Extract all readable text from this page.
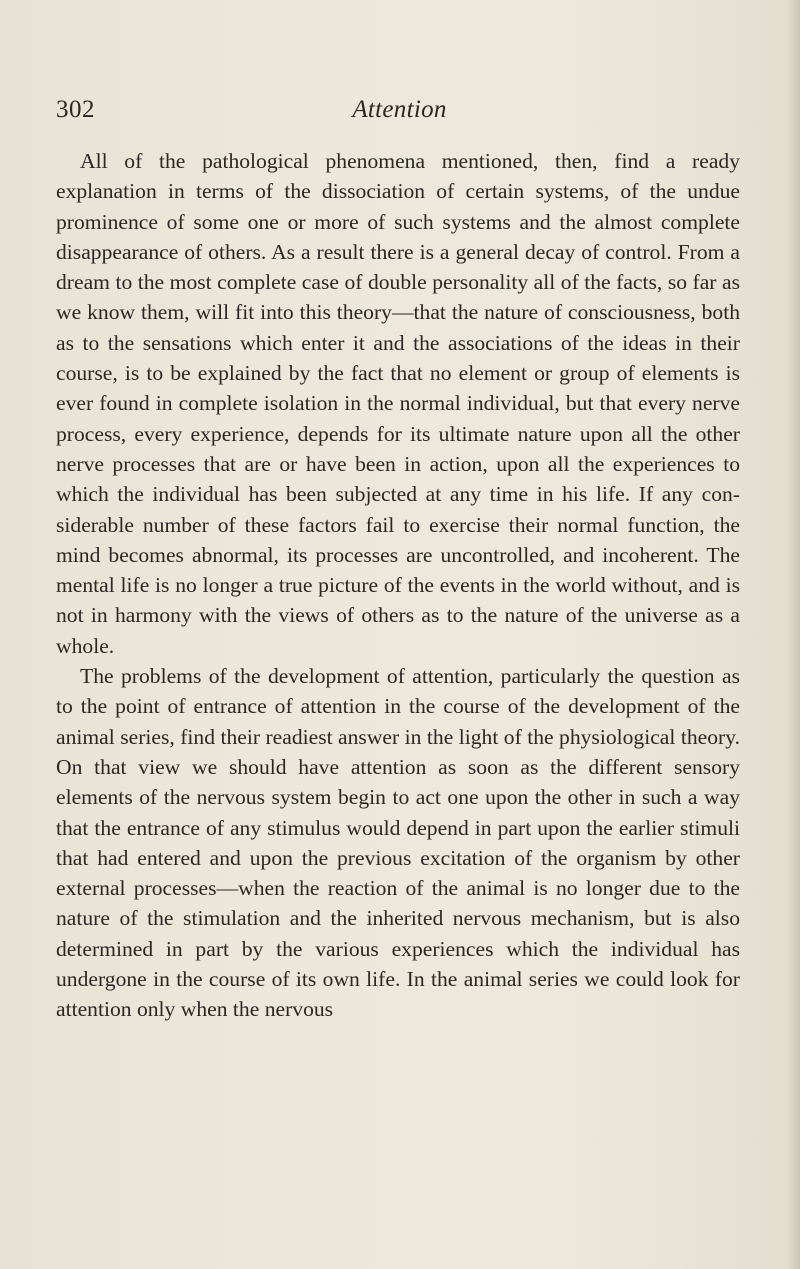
302	Attention

All of the pathological phenomena mentioned, then, find a ready explanation in terms of the dissociation of certain systems, of the undue prominence of some one or more of such systems and the almost complete disappearance of others. As a result there is a general decay of control. From a dream to the most complete case of double personality all of the facts, so far as we know them, will fit into this theory—that the nature of consciousness, both as to the sensations which enter it and the associations of the ideas in their course, is to be explained by the fact that no element or group of elements is ever found in complete isolation in the normal individual, but that every nerve process, every experience, depends for its ultimate nature upon all the other nerve processes that are or have been in action, upon all the experiences to which the individual has been subjected at any time in his life. If any considerable number of these factors fail to exercise their normal function, the mind becomes abnormal, its processes are uncontrolled, and incoherent. The mental life is no longer a true picture of the events in the world without, and is not in harmony with the views of others as to the nature of the universe as a whole.

The problems of the development of attention, particularly the question as to the point of entrance of attention in the course of the development of the animal series, find their readiest answer in the light of the physiological theory. On that view we should have attention as soon as the different sensory elements of the nervous system begin to act one upon the other in such a way that the entrance of any stimulus would depend in part upon the earlier stimuli that had entered and upon the previous excitation of the organism by other external processes—when the reaction of the animal is no longer due to the nature of the stimulation and the inherited nervous mechanism, but is also determined in part by the various experiences which the individual has undergone in the course of its own life. In the animal series we could look for attention only when the nervous
